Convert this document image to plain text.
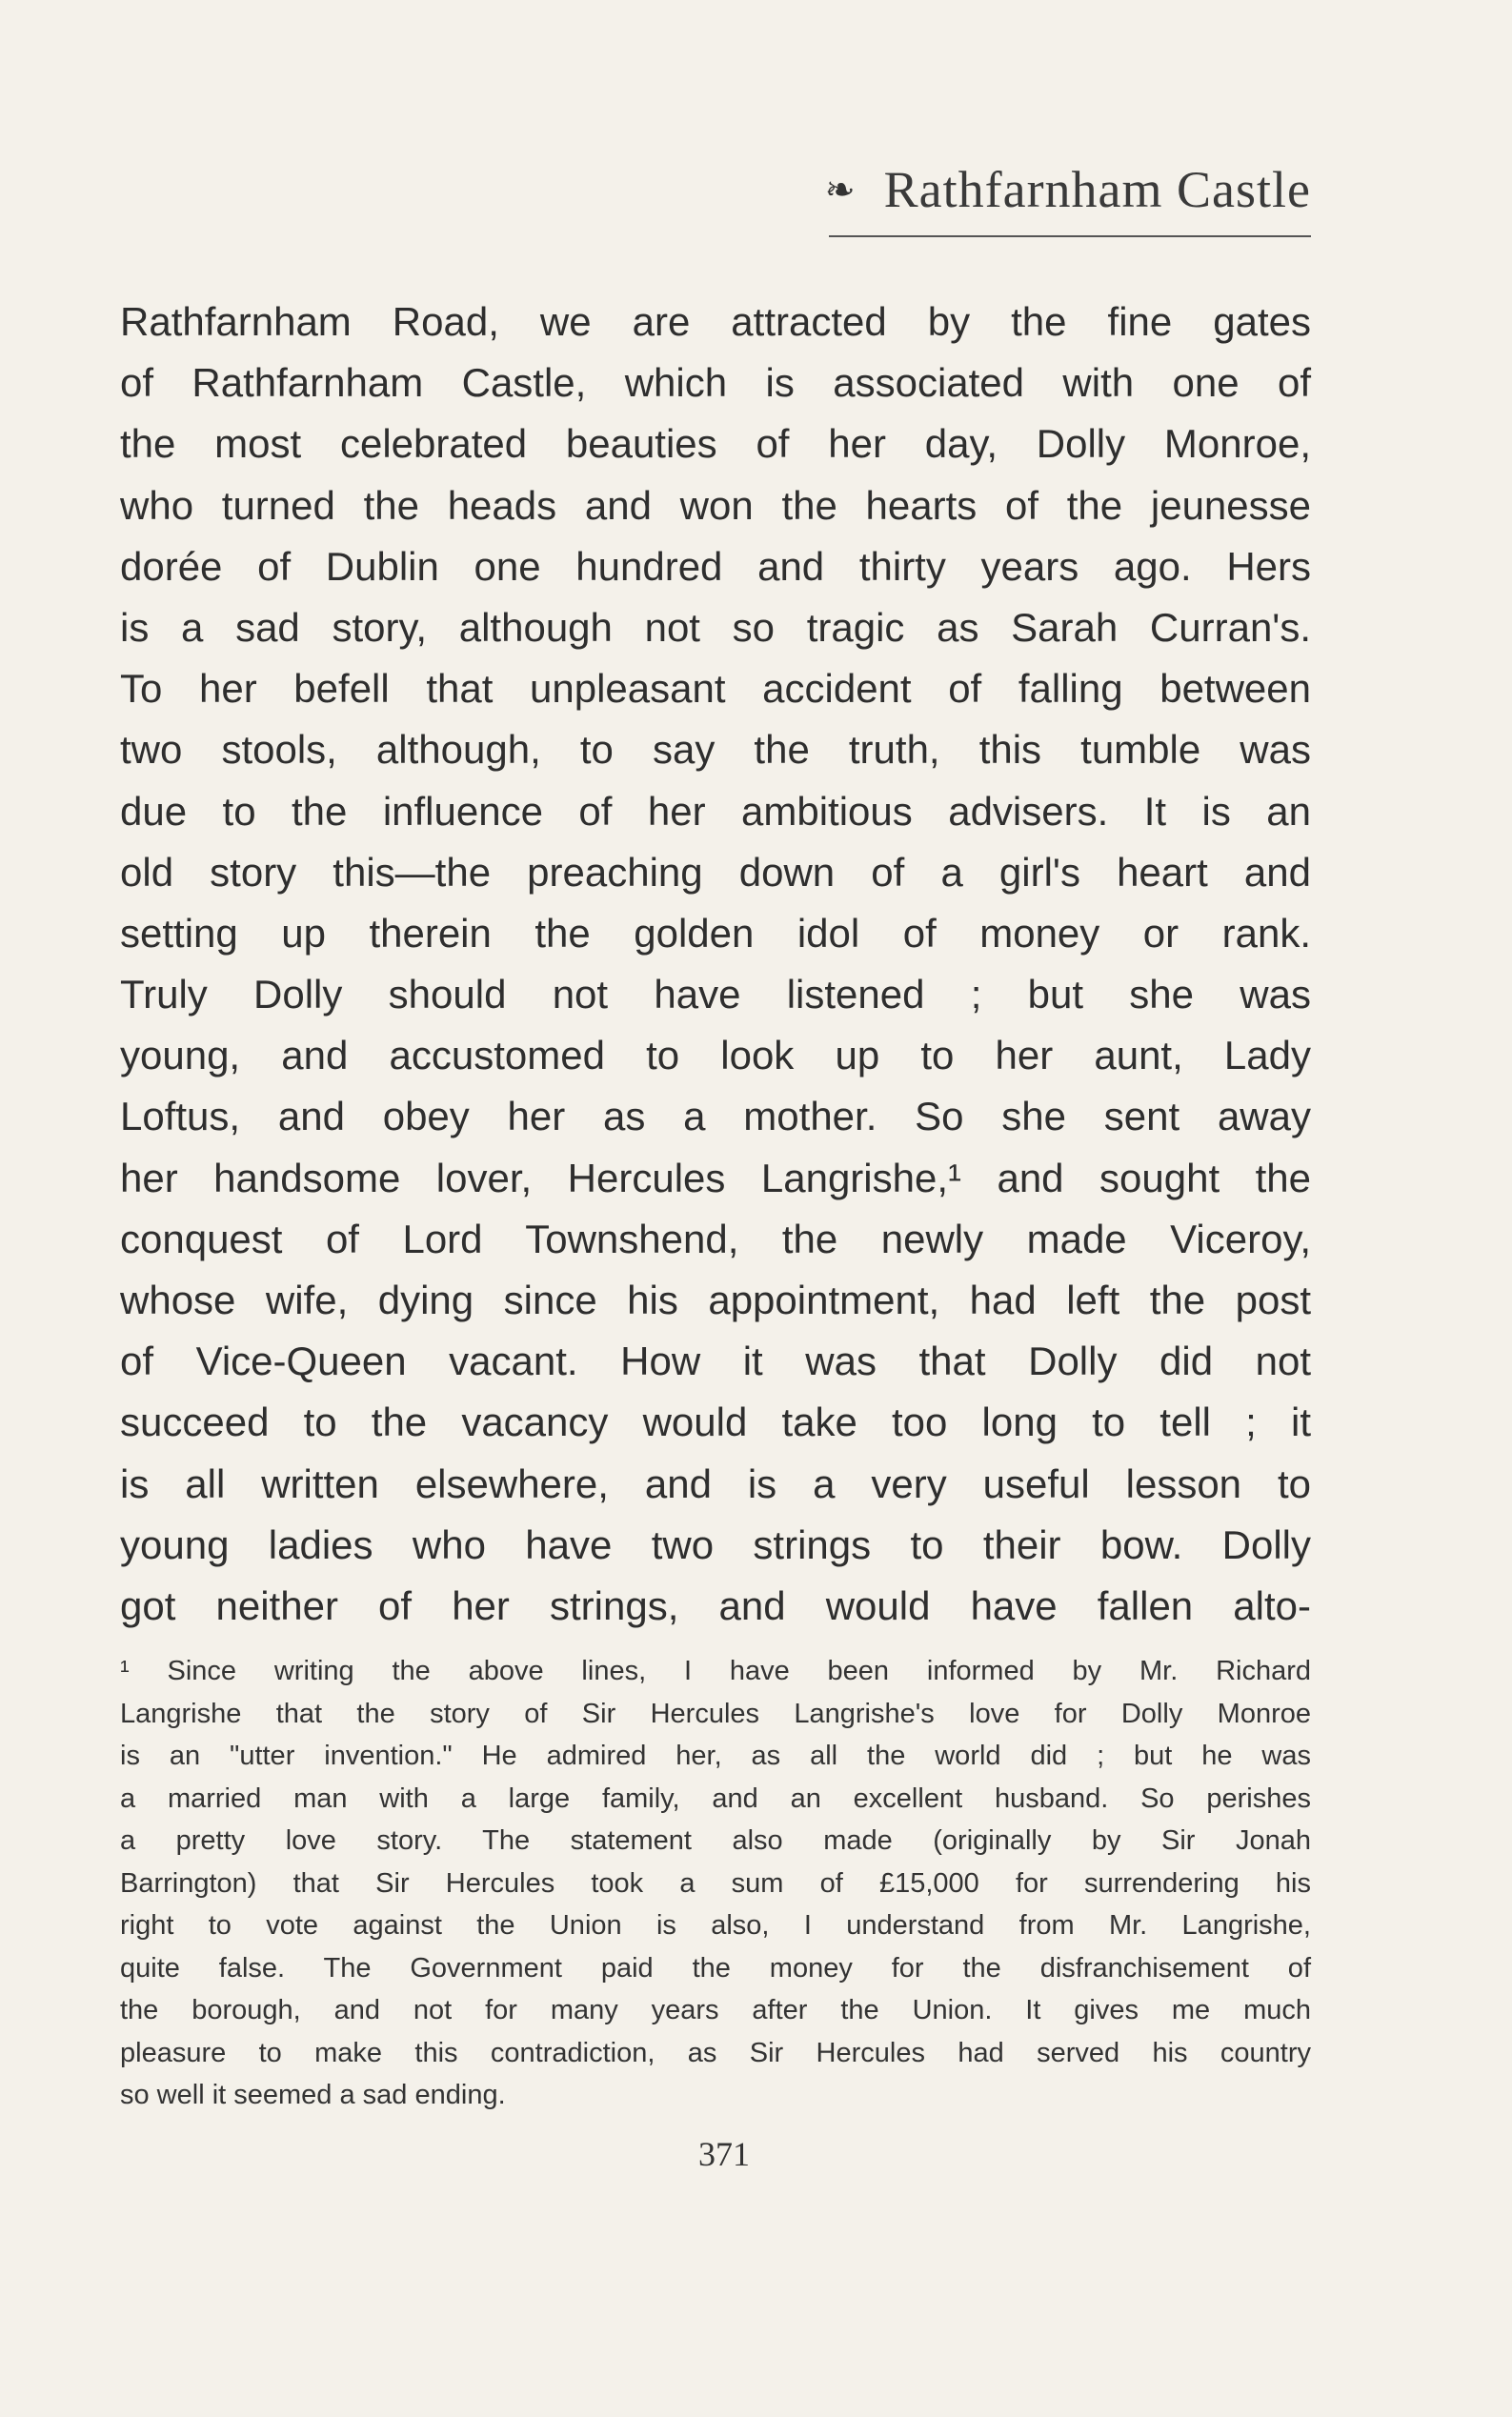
❧ Rathfarnham Castle
Rathfarnham Road, we are attracted by the fine gates
of Rathfarnham Castle, which is associated with one of
the most celebrated beauties of her day, Dolly Monroe,
who turned the heads and won the hearts of the jeunesse
dorée of Dublin one hundred and thirty years ago. Hers
is a sad story, although not so tragic as Sarah Curran's.
To her befell that unpleasant accident of falling between
two stools, although, to say the truth, this tumble was
due to the influence of her ambitious advisers. It is an
old story this—the preaching down of a girl's heart and
setting up therein the golden idol of money or rank.
Truly Dolly should not have listened ; but she was
young, and accustomed to look up to her aunt, Lady
Loftus, and obey her as a mother. So she sent away
her handsome lover, Hercules Langrishe,¹ and sought the
conquest of Lord Townshend, the newly made Viceroy,
whose wife, dying since his appointment, had left the post
of Vice-Queen vacant. How it was that Dolly did not
succeed to the vacancy would take too long to tell ; it
is all written elsewhere, and is a very useful lesson to
young ladies who have two strings to their bow. Dolly
got neither of her strings, and would have fallen alto-
¹ Since writing the above lines, I have been informed by Mr. Richard
Langrishe that the story of Sir Hercules Langrishe's love for Dolly Monroe
is an "utter invention." He admired her, as all the world did ; but he was
a married man with a large family, and an excellent husband. So perishes
a pretty love story. The statement also made (originally by Sir Jonah
Barrington) that Sir Hercules took a sum of £15,000 for surrendering his
right to vote against the Union is also, I understand from Mr. Langrishe,
quite false. The Government paid the money for the disfranchisement of
the borough, and not for many years after the Union. It gives me much
pleasure to make this contradiction, as Sir Hercules had served his country
so well it seemed a sad ending.
371
